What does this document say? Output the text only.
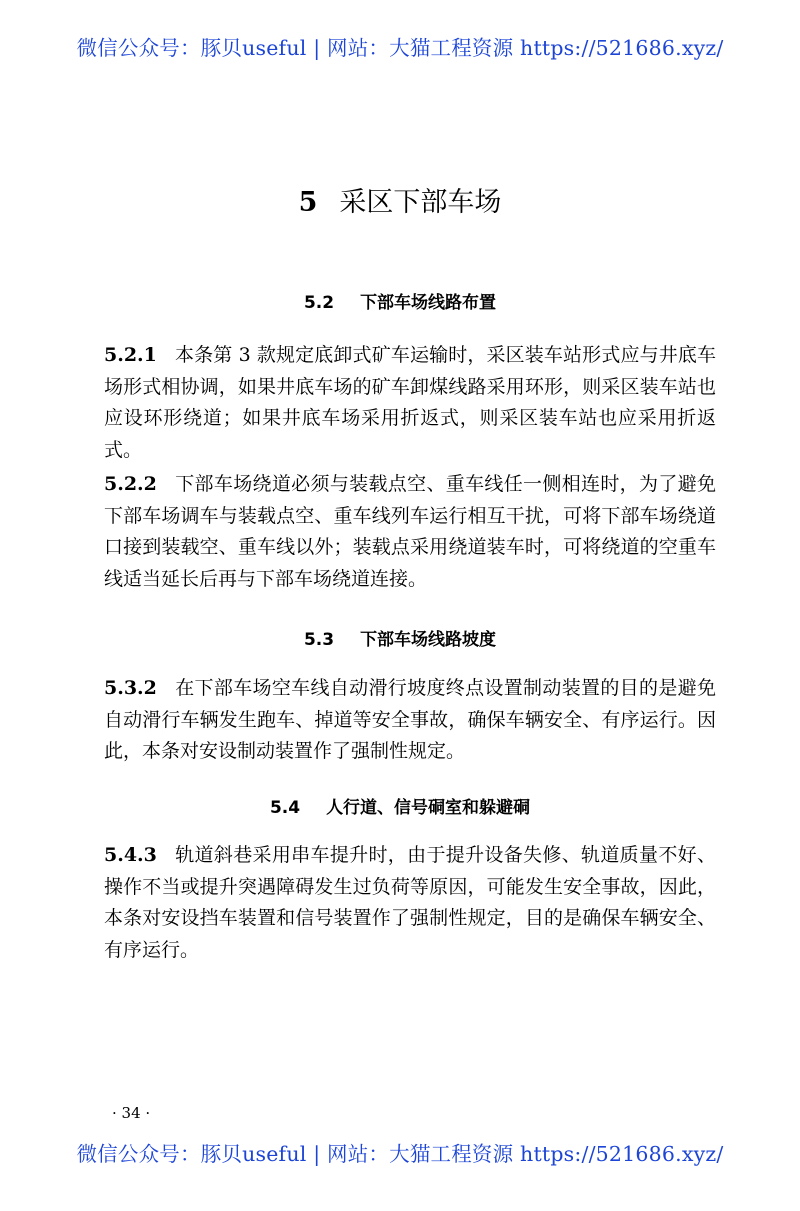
微信公众号：豚贝useful | 网站：大猫工程资源 https://521686.xyz/
5 采区下部车场
5.2 下部车场线路布置
5.2.1 本条第 3 款规定底卸式矿车运输时，采区装车站形式应与井底车场形式相协调，如果井底车场的矿车卸煤线路采用环形，则采区装车站也应设环形绕道；如果井底车场采用折返式，则采区装车站也应采用折返式。
5.2.2 下部车场绕道必须与装载点空、重车线任一侧相连时，为了避免下部车场调车与装载点空、重车线列车运行相互干扰，可将下部车场绕道口接到装载空、重车线以外；装载点采用绕道装车时，可将绕道的空重车线适当延长后再与下部车场绕道连接。
5.3 下部车场线路坡度
5.3.2 在下部车场空车线自动滑行坡度终点设置制动装置的目的是避免自动滑行车辆发生跑车、掉道等安全事故，确保车辆安全、有序运行。因此，本条对安设制动装置作了强制性规定。
5.4 人行道、信号硐室和躲避硐
5.4.3 轨道斜巷采用串车提升时，由于提升设备失修、轨道质量不好、操作不当或提升突遇障碍发生过负荷等原因，可能发生安全事故，因此，本条对安设挡车装置和信号装置作了强制性规定，目的是确保车辆安全、有序运行。
· 34 ·
微信公众号：豚贝useful | 网站：大猫工程资源 https://521686.xyz/
